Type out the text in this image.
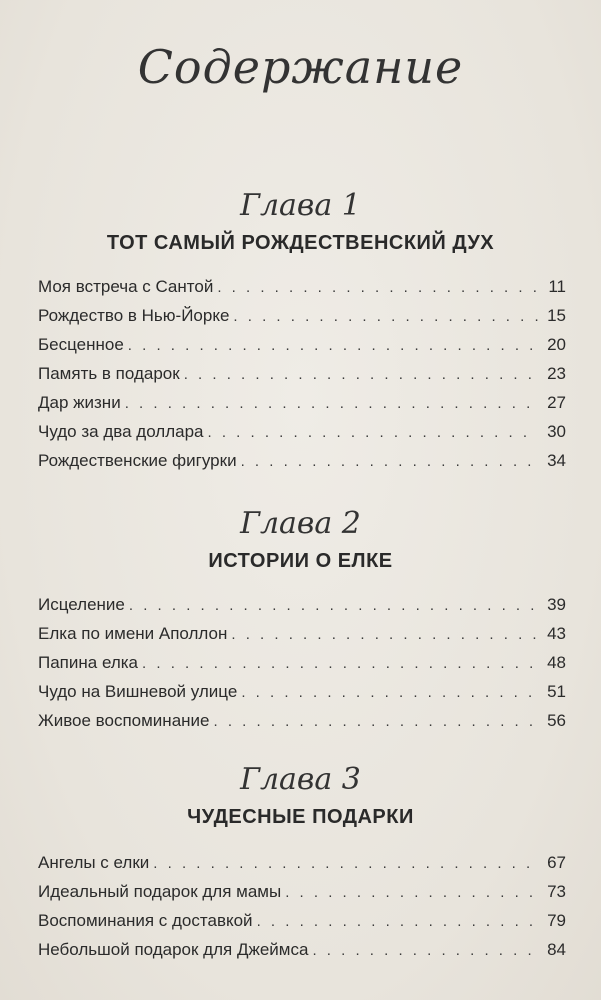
Содержание
Глава 1
ТОТ САМЫЙ РОЖДЕСТВЕНСКИЙ ДУХ
Моя встреча с Сантой . . .	11
Рождество в Нью-Йорке . . .	15
Бесценное . . .	20
Память в подарок . . .	23
Дар жизни . . .	27
Чудо за два доллара . . .	30
Рождественские фигурки . . .	34
Глава 2
ИСТОРИИ О ЕЛКЕ
Исцеление . . .	39
Елка по имени Аполлон . . .	43
Папина елка . . .	48
Чудо на Вишневой улице . . .	51
Живое воспоминание . . .	56
Глава 3
ЧУДЕСНЫЕ ПОДАРКИ
Ангелы с елки . . .	67
Идеальный подарок для мамы . . .	73
Воспоминания с доставкой . . .	79
Небольшой подарок для Джеймса . . .	84
